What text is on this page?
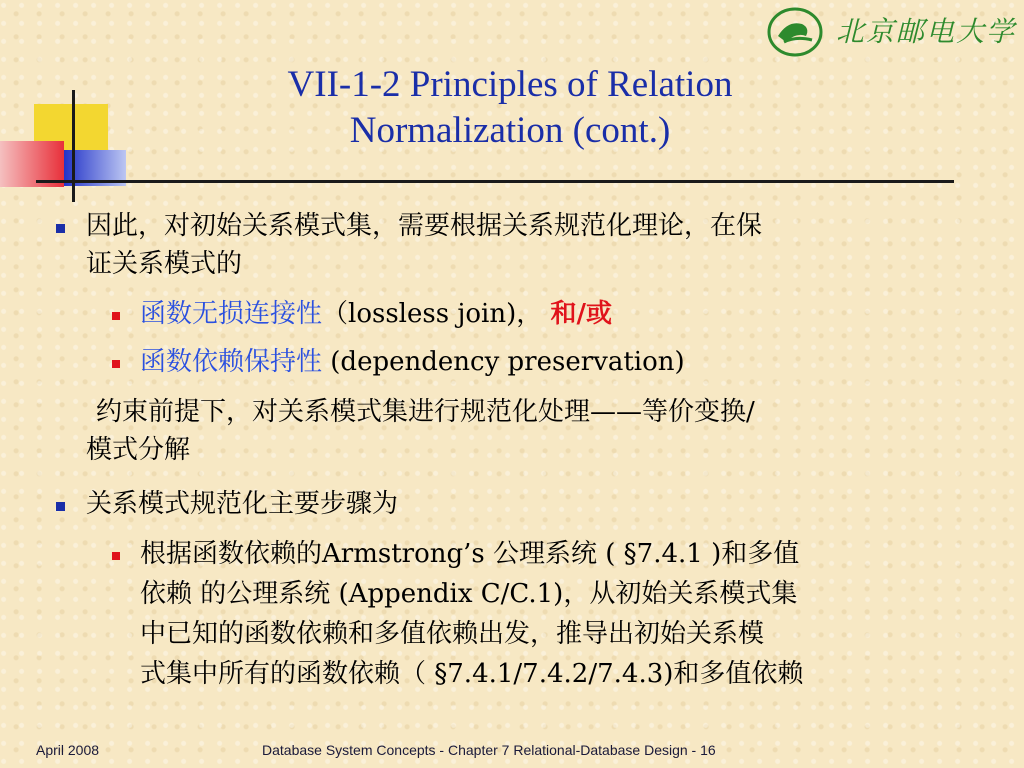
北京邮电大学
VII-1-2 Principles of Relation
Normalization (cont.)
因此，对初始关系模式集，需要根据关系规范化理论，在保
证关系模式的
函数无损连接性（lossless join)， 和/或
函数依赖保持性 (dependency preservation)
约束前提下，对关系模式集进行规范化处理——等价变换/
模式分解
关系模式规范化主要步骤为
根据函数依赖的Armstrong’s 公理系统 ( §7.4.1 )和多值
依赖 的公理系统 (Appendix C/C.1)，从初始关系模式集
中已知的函数依赖和多值依赖出发，推导出初始关系模
式集中所有的函数依赖（ §7.4.1/7.4.2/7.4.3)和多值依赖
April 2008	Database System Concepts - Chapter 7 Relational-Database Design - 16
